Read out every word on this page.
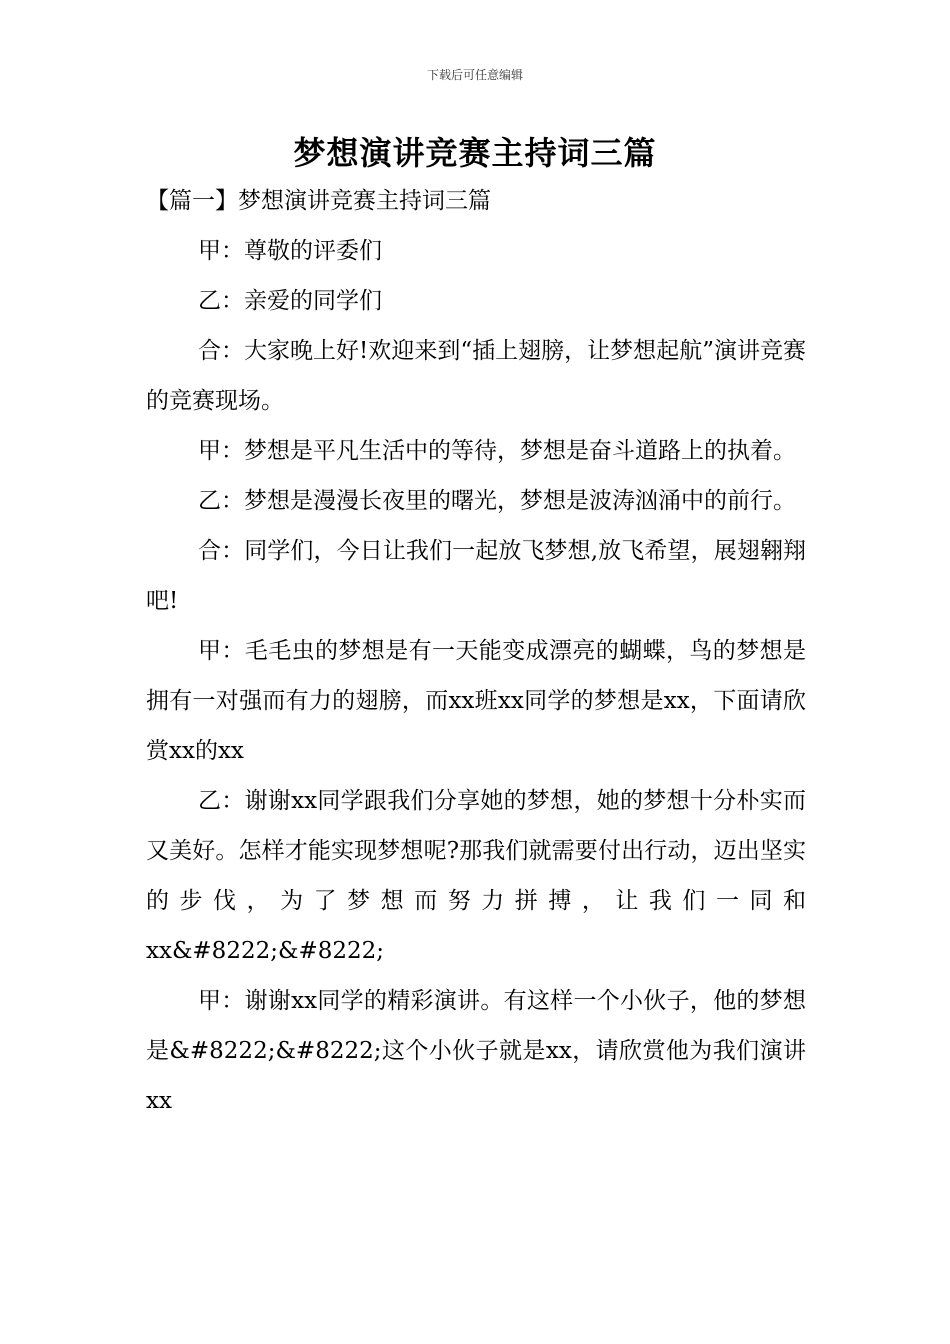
下载后可任意编辑
梦想演讲竞赛主持词三篇

【篇一】梦想演讲竞赛主持词三篇

甲：尊敬的评委们

乙：亲爱的同学们

合：大家晚上好!欢迎来到“插上翅膀，让梦想起航”演讲竞赛的竞赛现场。

甲：梦想是平凡生活中的等待，梦想是奋斗道路上的执着。

乙：梦想是漫漫长夜里的曙光，梦想是波涛汹涌中的前行。

合：同学们，今日让我们一起放飞梦想,放飞希望，展翅翱翔吧!

甲：毛毛虫的梦想是有一天能变成漂亮的蝴蝶，鸟的梦想是拥有一对强而有力的翅膀，而xx班xx同学的梦想是xx，下面请欣赏xx的xx

乙：谢谢xx同学跟我们分享她的梦想，她的梦想十分朴实而又美好。怎样才能实现梦想呢?那我们就需要付出行动，迈出坚实的步伐，为了梦想而努力拼搏，让我们一同和xx&#8222;&#8222;

甲：谢谢xx同学的精彩演讲。有这样一个小伙子，他的梦想是&#8222;&#8222;这个小伙子就是xx，请欣赏他为我们演讲xx
